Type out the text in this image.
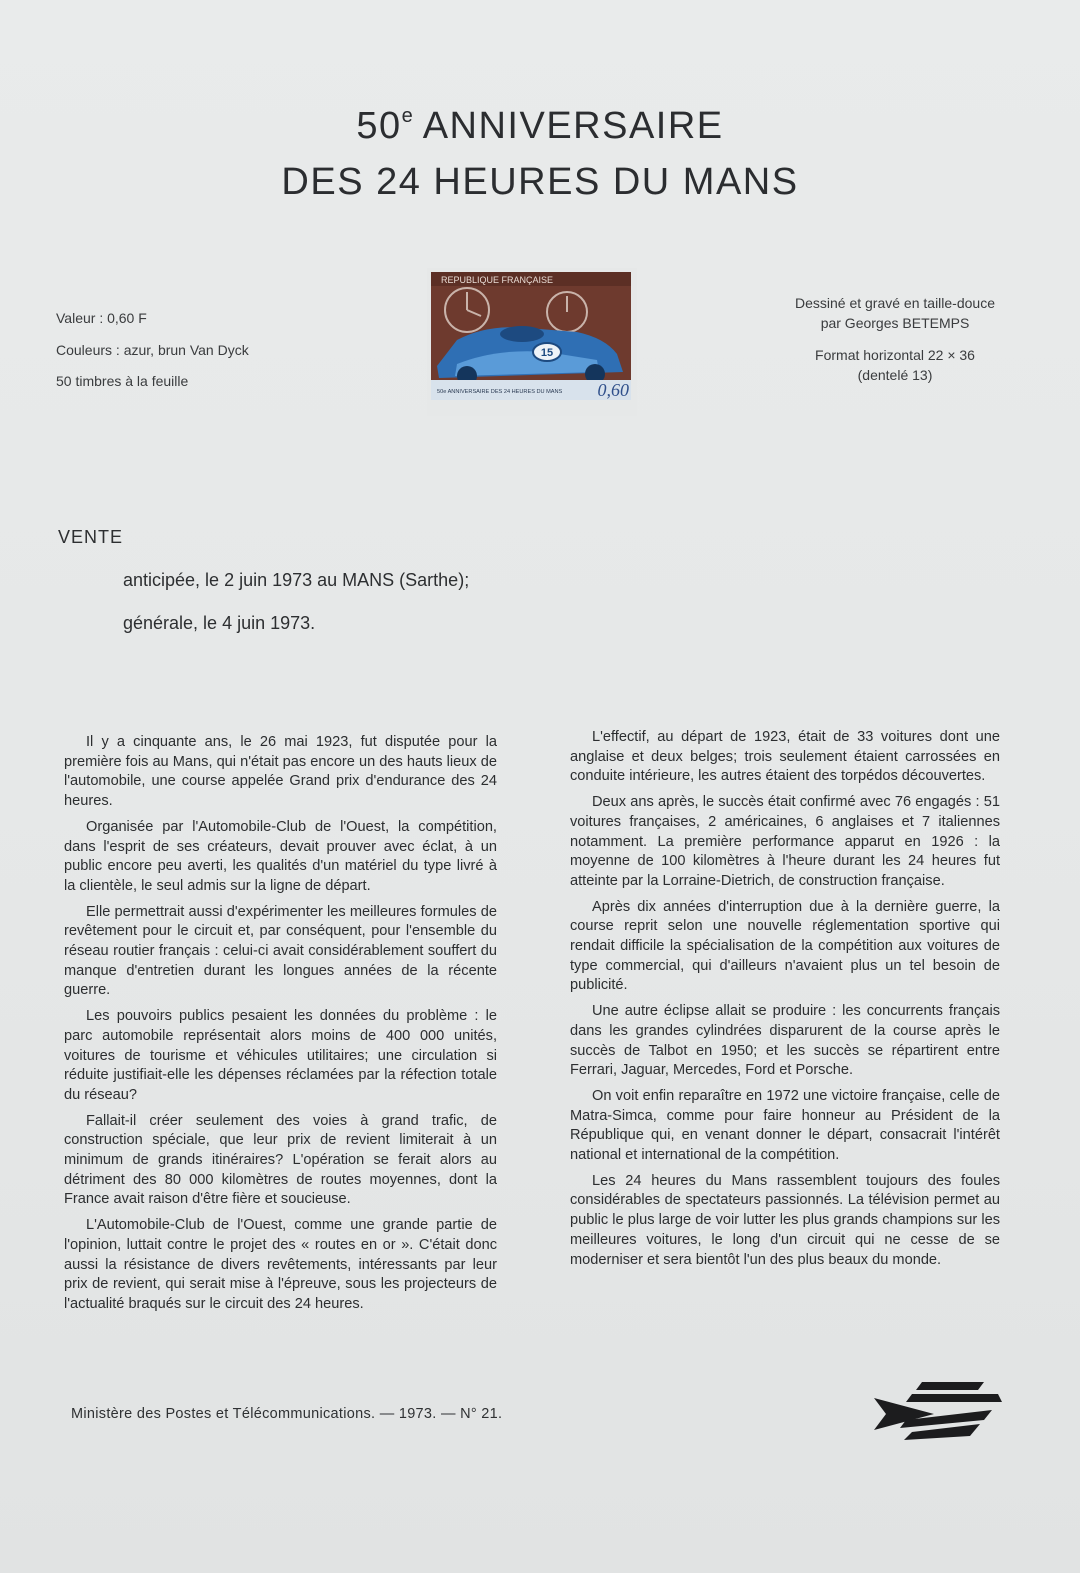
50e ANNIVERSAIRE
DES 24 HEURES DU MANS
Valeur : 0,60 F
Couleurs : azur, brun Van Dyck
50 timbres à la feuille
Dessiné et gravé en taille-douce
par Georges BETEMPS
Format horizontal 22 × 36
(dentelé 13)
REPUBLIQUE FRANÇAISE
15
50e ANNIVERSAIRE DES 24 HEURES DU MANS 0,60
VENTE
anticipée, le 2 juin 1973 au MANS (Sarthe);
générale, le 4 juin 1973.

Il y a cinquante ans, le 26 mai 1923, fut disputée pour la première fois au Mans, qui n'était pas encore un des hauts lieux de l'automobile, une course appelée Grand prix d'endurance des 24 heures.

Organisée par l'Automobile-Club de l'Ouest, la compétition, dans l'esprit de ses créateurs, devait prouver avec éclat, à un public encore peu averti, les qualités d'un matériel du type livré à la clientèle, le seul admis sur la ligne de départ.

Elle permettrait aussi d'expérimenter les meilleures formules de revêtement pour le circuit et, par conséquent, pour l'ensemble du réseau routier français : celui-ci avait considérablement souffert du manque d'entretien durant les longues années de la récente guerre.

Les pouvoirs publics pesaient les données du problème : le parc automobile représentait alors moins de 400 000 unités, voitures de tourisme et véhicules utilitaires; une circulation si réduite justifiait-elle les dépenses réclamées par la réfection totale du réseau?

Fallait-il créer seulement des voies à grand trafic, de construction spéciale, que leur prix de revient limiterait à un minimum de grands itinéraires? L'opération se ferait alors au détriment des 80 000 kilomètres de routes moyennes, dont la France avait raison d'être fière et soucieuse.

L'Automobile-Club de l'Ouest, comme une grande partie de l'opinion, luttait contre le projet des « routes en or ». C'était donc aussi la résistance de divers revêtements, intéressants par leur prix de revient, qui serait mise à l'épreuve, sous les projecteurs de l'actualité braqués sur le circuit des 24 heures.

L'effectif, au départ de 1923, était de 33 voitures dont une anglaise et deux belges; trois seulement étaient carrossées en conduite intérieure, les autres étaient des torpédos découvertes.

Deux ans après, le succès était confirmé avec 76 engagés : 51 voitures françaises, 2 américaines, 6 anglaises et 7 italiennes notamment. La première performance apparut en 1926 : la moyenne de 100 kilomètres à l'heure durant les 24 heures fut atteinte par la Lorraine-Dietrich, de construction française.

Après dix années d'interruption due à la dernière guerre, la course reprit selon une nouvelle réglementation sportive qui rendait difficile la spécialisation de la compétition aux voitures de type commercial, qui d'ailleurs n'avaient plus un tel besoin de publicité.

Une autre éclipse allait se produire : les concurrents français dans les grandes cylindrées disparurent de la course après le succès de Talbot en 1950; et les succès se répartirent entre Ferrari, Jaguar, Mercedes, Ford et Porsche.

On voit enfin reparaître en 1972 une victoire française, celle de Matra-Simca, comme pour faire honneur au Président de la République qui, en venant donner le départ, consacrait l'intérêt national et international de la compétition.

Les 24 heures du Mans rassemblent toujours des foules considérables de spectateurs passionnés. La télévision permet au public le plus large de voir lutter les plus grands champions sur les meilleures voitures, le long d'un circuit qui ne cesse de se moderniser et sera bientôt l'un des plus beaux du monde.

Ministère des Postes et Télécommunications. — 1973. — N° 21.
